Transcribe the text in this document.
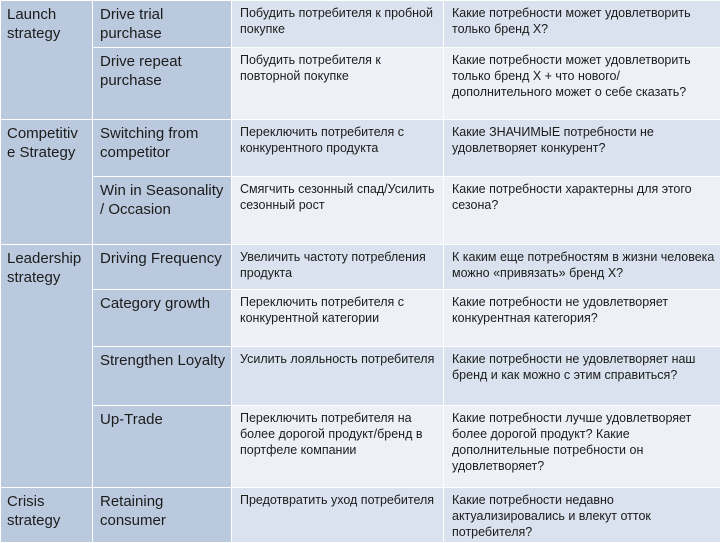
Launch strategy	Drive trial purchase	Побудить потребителя к пробной покупке	Какие потребности может удовлетворить только бренд Х?
	Drive repeat purchase	Побудить потребителя к повторной покупке	Какие потребности может удовлетворить только бренд Х + что нового/дополнительного может о себе сказать?
Competitiv e Strategy	Switching from competitor	Переключить потребителя с конкурентного продукта	Какие ЗНАЧИМЫЕ потребности не удовлетворяет конкурент?
	Win in Seasonality / Occasion	Смягчить сезонный спад/Усилить сезонный рост	Какие потребности характерны для этого сезона?
Leadership strategy	Driving Frequency	Увеличить частоту потребления продукта	К каким еще потребностям в жизни человека можно «привязать» бренд Х?
	Category growth	Переключить потребителя с конкурентной категории	Какие потребности не удовлетворяет конкурентная категория?
	Strengthen Loyalty	Усилить лояльность потребителя	Какие потребности не удовлетворяет наш бренд и как можно с этим справиться?
	Up-Trade	Переключить потребителя на более дорогой продукт/бренд в портфеле компании	Какие потребности лучше удовлетворяет более дорогой продукт? Какие дополнительные потребности он удовлетворяет?
Crisis strategy	Retaining consumer	Предотвратить уход потребителя	Какие потребности недавно актуализировались и влекут отток потребителя?
